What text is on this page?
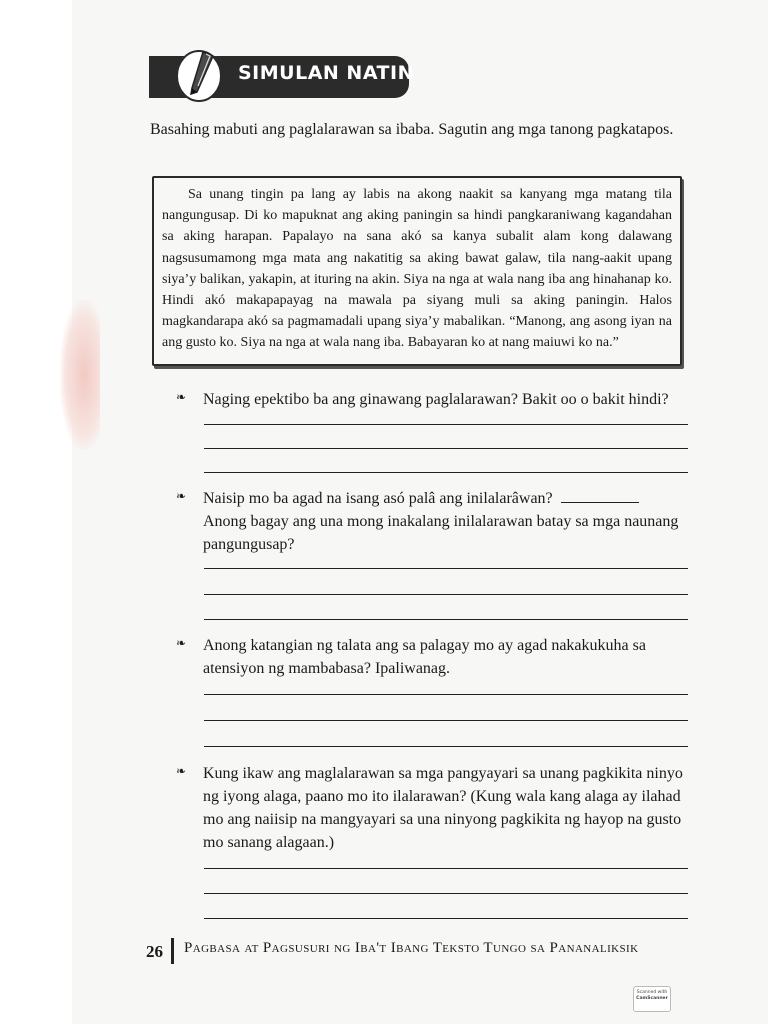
SIMULAN NATIN
Basahing mabuti ang paglalarawan sa ibaba. Sagutin ang mga tanong pagkatapos.

Sa unang tingin pa lang ay labis na akong naakit sa kanyang mga matang tila nangungusap. Di ko mapuknat ang aking paningin sa hindi pangkaraniwang kagandahan sa aking harapan. Papalayo na sana akó sa kanya subalit alam kong dalawang nagsusumamong mga mata ang nakatitig sa aking bawat galaw, tila nang-aakit upang siya’y balikan, yakapin, at ituring na akin. Siya na nga at wala nang iba ang hinahanap ko. Hindi akó makapapayag na mawala pa siyang muli sa aking paningin. Halos magkandarapa akó sa pagmamadali upang siya’y mabalikan. “Manong, ang asong iyan na ang gusto ko. Siya na nga at wala nang iba. Babayaran ko at nang maiuwi ko na.”

❧ Naging epektibo ba ang ginawang paglalarawan? Bakit oo o bakit hindi?
❧ Naisip mo ba agad na isang asó palâ ang inilalarâwan?
Anong bagay ang una mong inakalang inilalarawan batay sa mga naunang pangungusap?
❧ Anong katangian ng talata ang sa palagay mo ay agad nakakukuha sa atensiyon ng mambabasa? Ipaliwanag.
❧ Kung ikaw ang maglalarawan sa mga pangyayari sa unang pagkikita ninyo ng iyong alaga, paano mo ito ilalarawan? (Kung wala kang alaga ay ilahad mo ang naiisip na mangyayari sa una ninyong pagkikita ng hayop na gusto mo sanang alagaan.)
26 Pagbasa at Pagsusuri ng Iba't Ibang Teksto Tungo sa Pananaliksik
Scanned with
CamScanner
